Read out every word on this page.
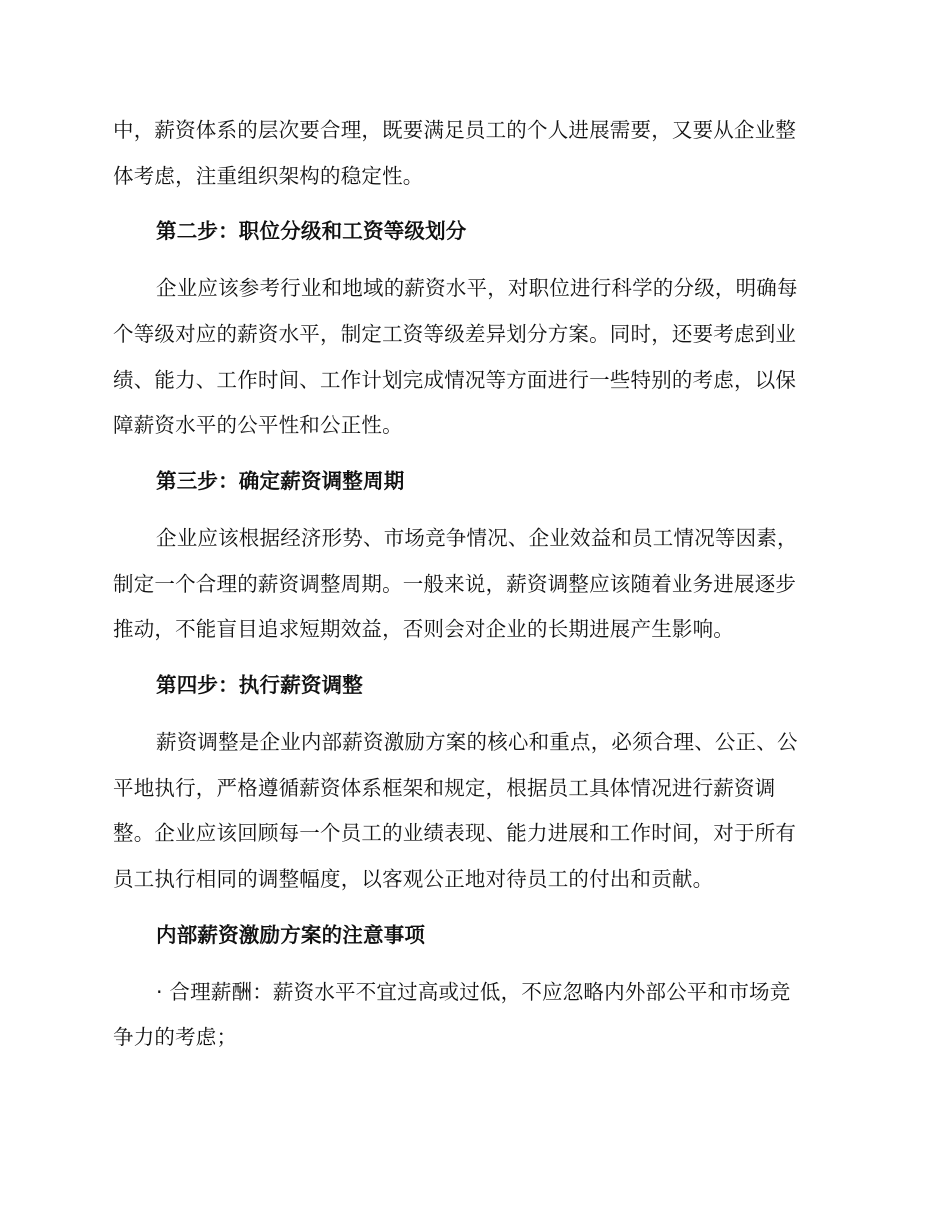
中，薪资体系的层次要合理，既要满足员工的个人进展需要，又要从企业整
体考虑，注重组织架构的稳定性。
第二步：职位分级和工资等级划分
企业应该参考行业和地域的薪资水平，对职位进行科学的分级，明确每
个等级对应的薪资水平，制定工资等级差异划分方案。同时，还要考虑到业
绩、能力、工作时间、工作计划完成情况等方面进行一些特别的考虑，以保
障薪资水平的公平性和公正性。
第三步：确定薪资调整周期
企业应该根据经济形势、市场竞争情况、企业效益和员工情况等因素，
制定一个合理的薪资调整周期。一般来说，薪资调整应该随着业务进展逐步
推动，不能盲目追求短期效益，否则会对企业的长期进展产生影响。
第四步：执行薪资调整
薪资调整是企业内部薪资激励方案的核心和重点，必须合理、公正、公
平地执行，严格遵循薪资体系框架和规定，根据员工具体情况进行薪资调
整。企业应该回顾每一个员工的业绩表现、能力进展和工作时间，对于所有
员工执行相同的调整幅度，以客观公正地对待员工的付出和贡献。
内部薪资激励方案的注意事项
· 合理薪酬：薪资水平不宜过高或过低，不应忽略内外部公平和市场竞
争力的考虑；
